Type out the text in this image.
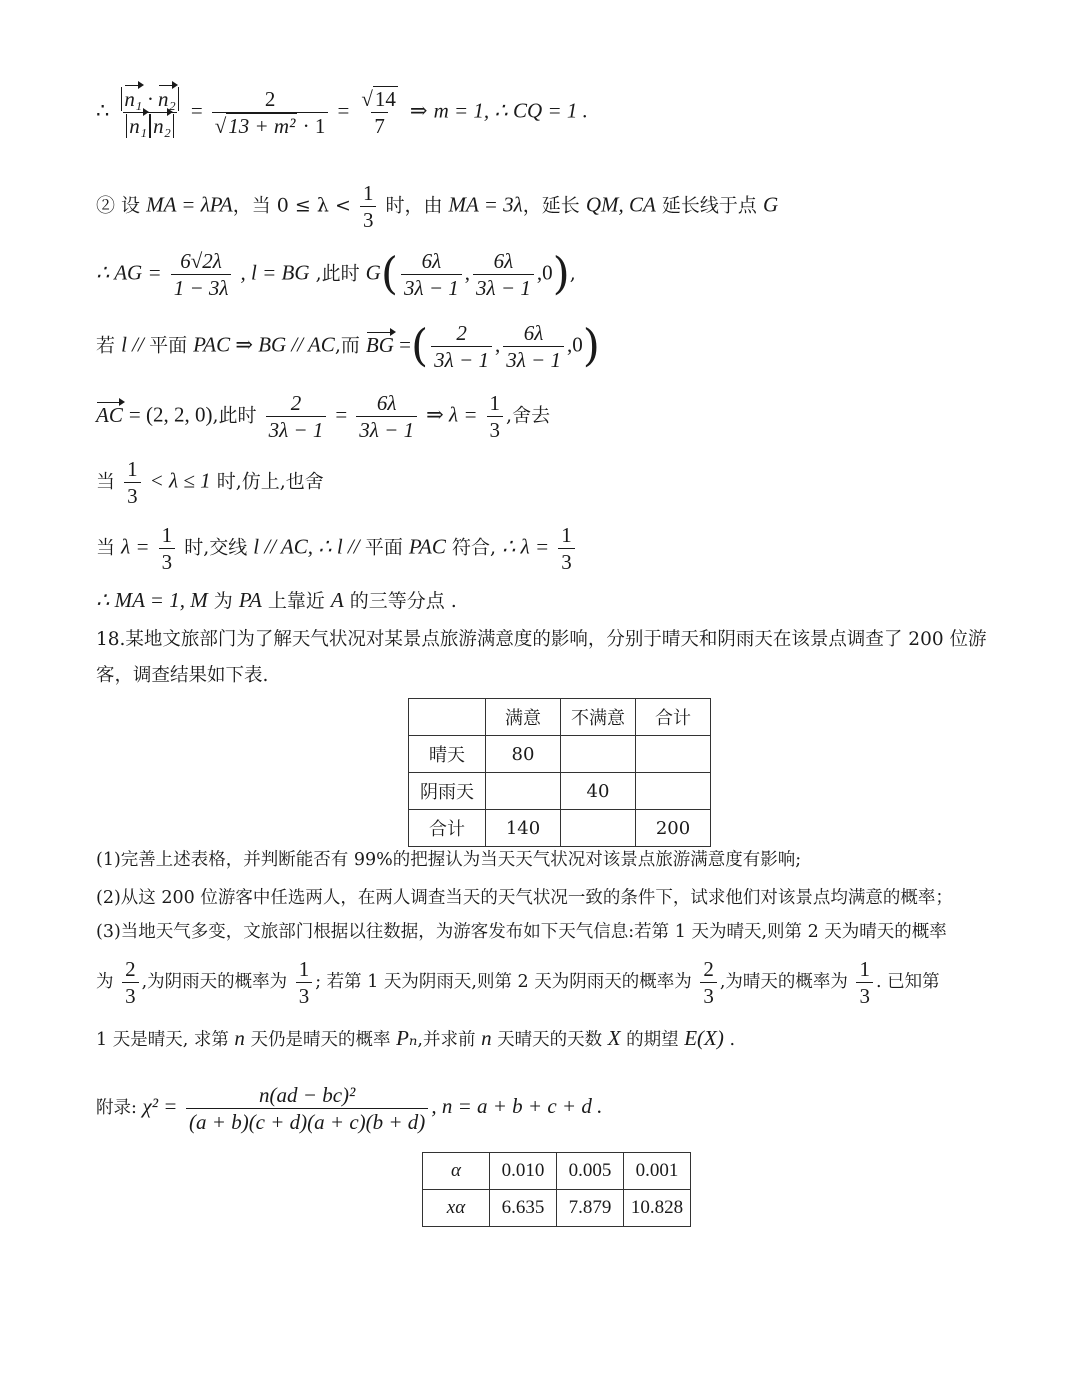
∴ $\frac{\text{n₁ · n₂}}{\text{n₁ n₂}} = \frac{2}{\text{√13 + m² · 1}} = \frac{√14}{7}$ ⇒ m = 1, ∴ CQ = 1 .
② 设 MA = λPA，当 $0 \le \lambda < \frac{1}{3}$ 时，由 MA = 3λ，延长 QM, CA 延长线于点 G
∴ AG = $\frac{6√2\lambda}{1 - 3\lambda}$ , l = BG ,此时 $G( \frac{6\lambda}{3\lambda - 1}$ , $\frac{6\lambda}{3\lambda - 1} ,0$),
若 l // 平面 PAC ⇒ BG // AC,而 BG =( $\frac{2}{3\lambda - 1}$ , $\frac{6\lambda}{3\lambda - 1} ,0$)
AC = (2, 2, 0),此时 $\frac{2}{3\lambda - 1} = \frac{6\lambda}{3\lambda - 1}$ ⇒ $\lambda = \frac{1}{3}$ ,舍去
当 $\frac{1}{3} < \lambda \le 1$ 时,仿上,也舍
当 $\lambda = \frac{1}{3}$ 时,交线 l // AC, ∴ l // 平面 PAC 符合, ∴ $\lambda = \frac{1}{3}$
∴ MA = 1, M 为 PA 上靠近 A 的三等分点 .
18.某地文旅部门为了解天气状况对某景点旅游满意度的影响，分别于晴天和阴雨天在该景点调查了 200 位游
客，调查结果如下表.
	满意	不满意	合计
晴天	80		
阴雨天		40	
合计	140		200
(1)完善上述表格，并判断能否有 99%的把握认为当天天气状况对该景点旅游满意度有影响;
(2)从这 200 位游客中任选两人，在两人调查当天的天气状况一致的条件下，试求他们对该景点均满意的概率；
(3)当地天气多变，文旅部门根据以往数据，为游客发布如下天气信息:若第 1 天为晴天,则第 2 天为晴天的概率
为 $\frac{2}{3}$ ,为阴雨天的概率为 $\frac{1}{3}$ ; 若第 1 天为阴雨天,则第 2 天为阴雨天的概率为 $\frac{2}{3}$ ,为晴天的概率为 $\frac{1}{3}$ . 已知第
1 天是晴天, 求第 n 天仍是晴天的概率 Pₙ,并求前 n 天晴天的天数 X 的期望 E(X) .
附录: $\chi^2 = \frac{\text{n(ad − bc)²}}{(a + b)(c + d)(a + c)(b + d)}$ , n = a + b + c + d .
α	0.010	0.005	0.001
xα	6.635	7.879	10.828
